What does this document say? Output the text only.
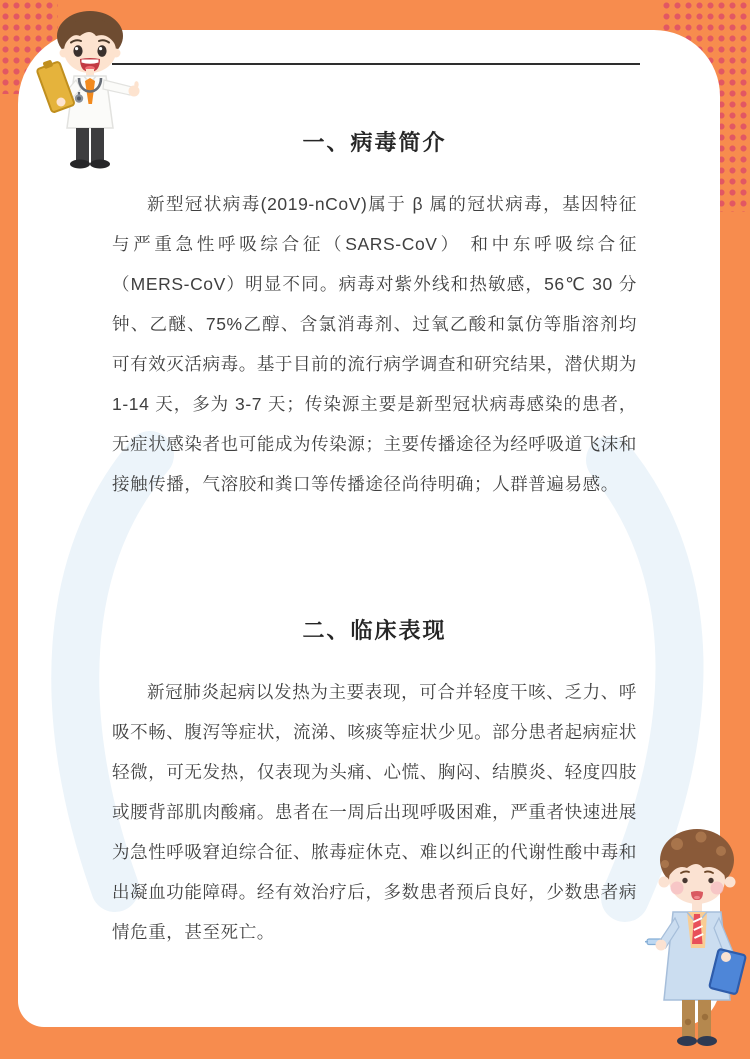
一、病毒简介

新型冠状病毒(2019-nCoV)属于 β 属的冠状病毒，基因特征与严重急性呼吸综合征（SARS-CoV） 和中东呼吸综合征（MERS-CoV）明显不同。病毒对紫外线和热敏感，56℃ 30 分 钟、乙醚、75%乙醇、含氯消毒剂、过氧乙酸和氯仿等脂溶剂均可有效灭活病毒。基于目前的流行病学调查和研究结果，潜伏期为 1-14 天，多为 3-7 天；传染源主要是新型冠状病毒感染的患者，无症状感染者也可能成为传染源；主要传播途径为经呼吸道飞沫和接触传播，气溶胶和粪口等传播途径尚待明确；人群普遍易感。

二、临床表现

新冠肺炎起病以发热为主要表现，可合并轻度干咳、乏力、呼吸不畅、腹泻等症状，流涕、咳痰等症状少见。部分患者起病症状轻微，可无发热，仅表现为头痛、心慌、胸闷、结膜炎、轻度四肢或腰背部肌肉酸痛。患者在一周后出现呼吸困难，严重者快速进展为急性呼吸窘迫综合征、脓毒症休克、难以纠正的代谢性酸中毒和出凝血功能障碍。经有效治疗后，多数患者预后良好，少数患者病情危重，甚至死亡。
